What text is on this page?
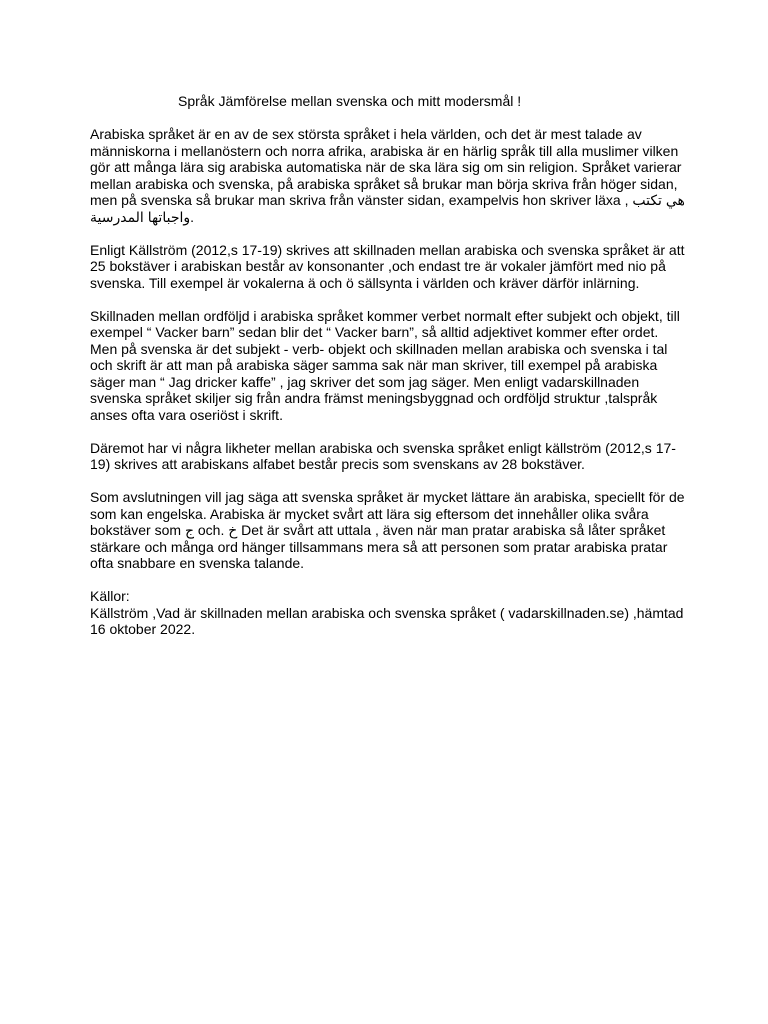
Språk Jämförelse mellan svenska och mitt modersmål !

Arabiska språket är en av de sex största språket i hela världen, och det är mest talade av
människorna i mellanöstern och norra afrika, arabiska är en härlig språk till alla muslimer vilken
gör att många lära sig arabiska automatiska när de ska lära sig om sin religion. Språket varierar
mellan arabiska och svenska, på arabiska språket så brukar man börja skriva från höger sidan,
men på svenska så brukar man skriva från vänster sidan, exampelvis hon skriver läxa , هي تكتب
واجباتها المدرسية.

Enligt Källström (2012,s 17-19) skrives att skillnaden mellan arabiska och svenska språket är att
25 bokstäver i arabiskan består av konsonanter ,och endast tre är vokaler jämfört med nio på
svenska. Till exempel är vokalerna ä och ö sällsynta i världen och kräver därför inlärning.

Skillnaden mellan ordföljd i arabiska språket kommer verbet normalt efter subjekt och objekt, till
exempel “ Vacker barn” sedan blir det “ Vacker barn”, så alltid adjektivet kommer efter ordet.
Men på svenska är det subjekt - verb- objekt och skillnaden mellan arabiska och svenska i tal
och skrift är att man på arabiska säger samma sak när man skriver, till exempel på arabiska
säger man “ Jag dricker kaffe” , jag skriver det som jag säger. Men enligt vadarskillnaden
svenska språket skiljer sig från andra främst meningsbyggnad och ordföljd struktur ,talspråk
anses ofta vara oseriöst i skrift.

Däremot har vi några likheter mellan arabiska och svenska språket enligt källström (2012,s 17-
19) skrives att arabiskans alfabet består precis som svenskans av 28 bokstäver.

Som avslutningen vill jag säga att svenska språket är mycket lättare än arabiska, speciellt för de
som kan engelska. Arabiska är mycket svårt att lära sig eftersom det innehåller olika svåra
bokstäver som ج och. خ Det är svårt att uttala , även när man pratar arabiska så låter språket
stärkare och många ord hänger tillsammans mera så att personen som pratar arabiska pratar
ofta snabbare en svenska talande.

Källor:
Källström ,Vad är skillnaden mellan arabiska och svenska språket ( vadarskillnaden.se) ,hämtad
16 oktober 2022.
